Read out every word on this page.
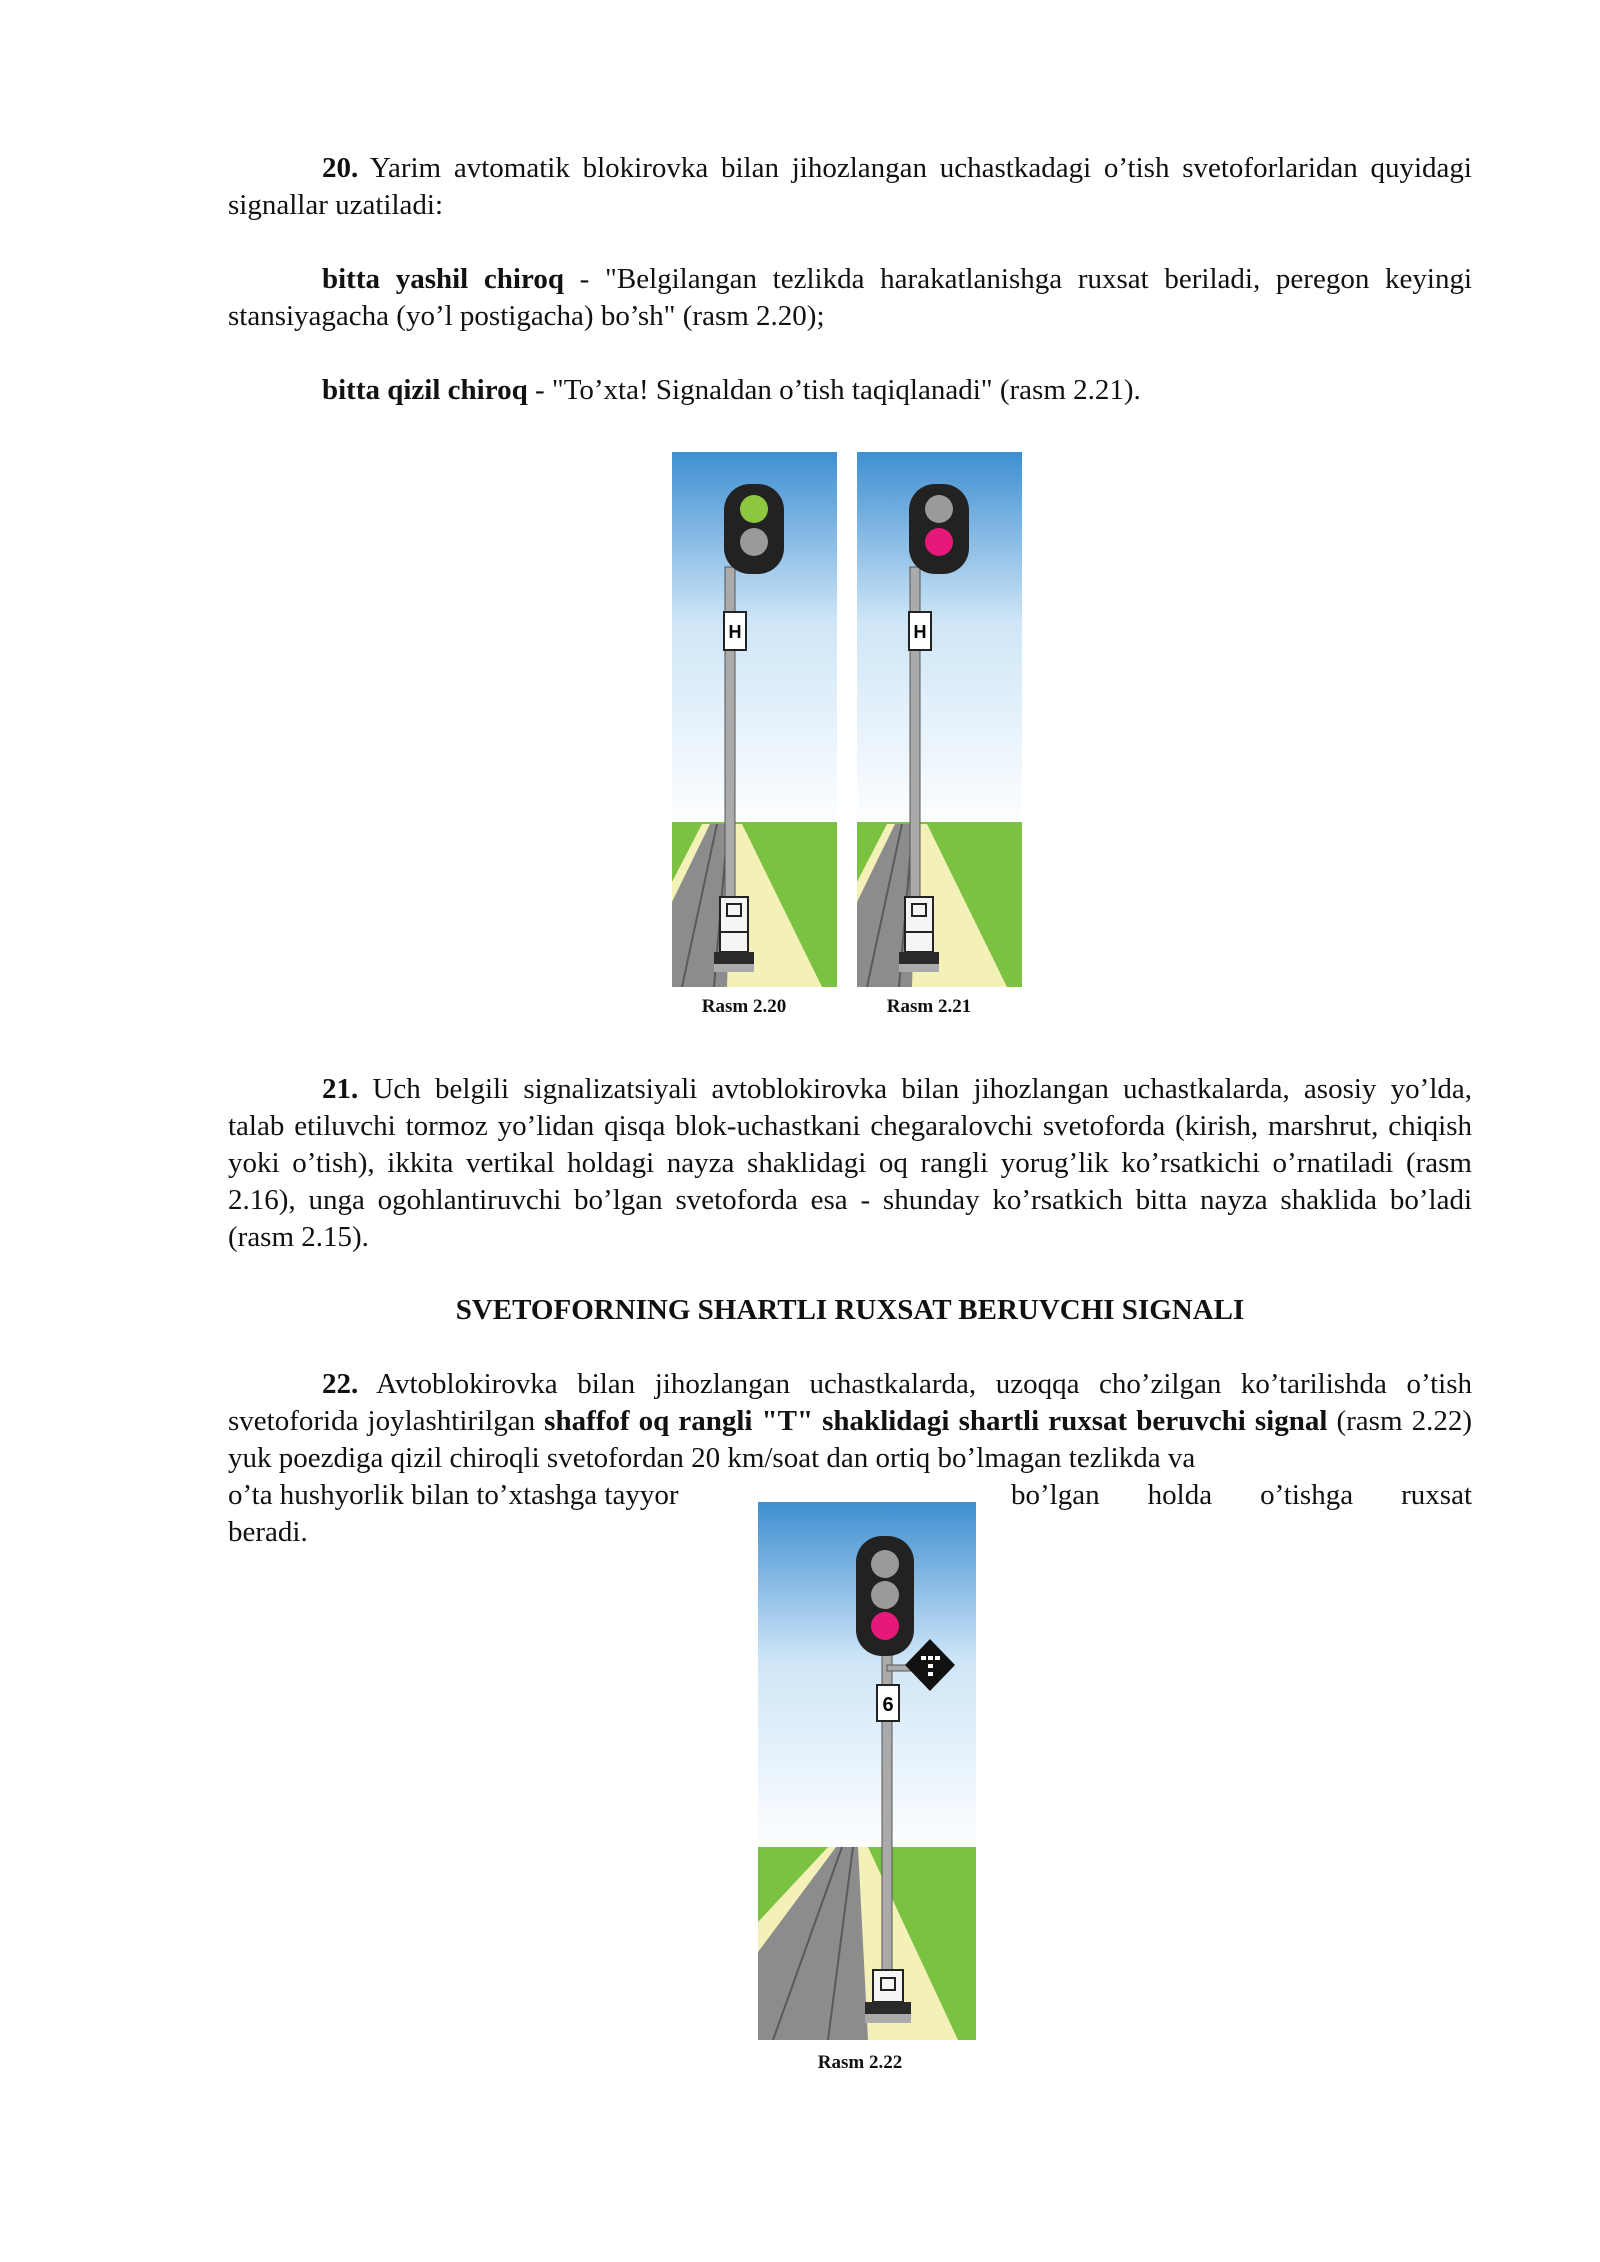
20. Yarim avtomatik blokirovka bilan jihozlangan uchastkadagi o’tish svetoforlaridan quyidagi signallar uzatiladi:

bitta yashil chiroq - "Belgilangan tezlikda harakatlanishga ruxsat beriladi, peregon keyingi stansiyagacha (yo’l postigacha) bo’sh" (rasm 2.20);

bitta qizil chiroq - "To’xta! Signaldan o’tish taqiqlanadi" (rasm 2.21).

H
Rasm 2.20
H
Rasm 2.21

21. Uch belgili signalizatsiyali avtoblokirovka bilan jihozlangan uchastkalarda, asosiy yo’lda, talab etiluvchi tormoz yo’lidan qisqa blok-uchastkani chegaralovchi svetoforda (kirish, marshrut, chiqish yoki o’tish), ikkita vertikal holdagi nayza shaklidagi oq rangli yorug’lik ko’rsatkichi o’rnatiladi (rasm 2.16), unga ogohlantiruvchi bo’lgan svetoforda esa - shunday ko’rsatkich bitta nayza shaklida bo’ladi (rasm 2.15).

SVETOFORNING SHARTLI RUXSAT BERUVCHI SIGNALI

22. Avtoblokirovka bilan jihozlangan uchastkalarda, uzoqqa cho’zilgan ko’tarilishda o’tish svetoforida joylashtirilgan shaffof oq rangli "T" shaklidagi shartli ruxsat beruvchi signal (rasm 2.22) yuk poezdiga qizil chiroqli svetofordan 20 km/soat dan ortiq bo’lmagan tezlikda va

o’ta hushyorlik bilan to’xtashga tayyor	bo’lgan holda o’tishga ruxsat
beradi.
6
Rasm 2.22
